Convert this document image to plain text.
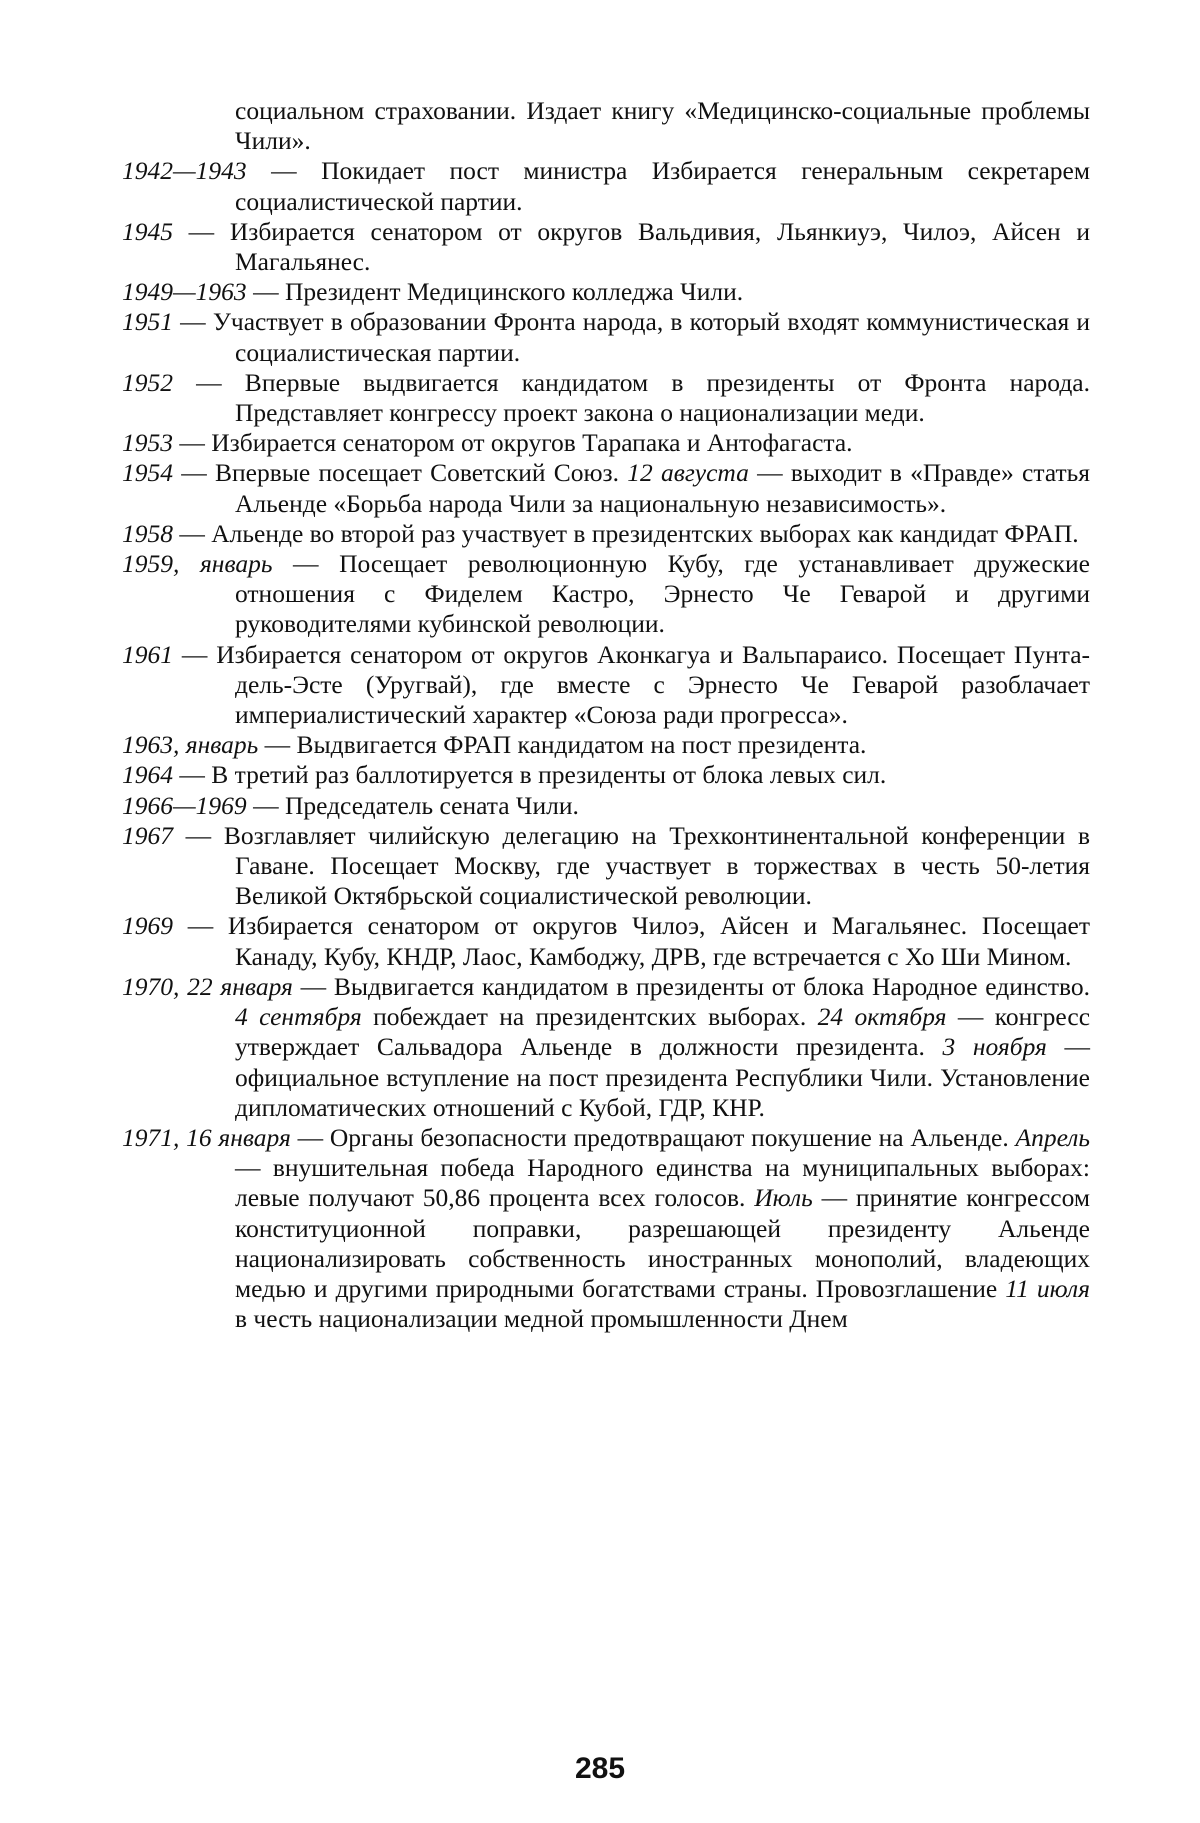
социальном страховании. Издает книгу «Медицинско-социальные проблемы Чили».

1942—1943 — Покидает пост министра Избирается генеральным секретарем социалистической партии.

1945 — Избирается сенатором от округов Вальдивия, Льянкиуэ, Чилоэ, Айсен и Магальянес.

1949—1963 — Президент Медицинского колледжа Чили.

1951 — Участвует в образовании Фронта народа, в который входят коммунистическая и социалистическая партии.

1952 — Впервые выдвигается кандидатом в президенты от Фронта народа. Представляет конгрессу проект закона о национализации меди.

1953 — Избирается сенатором от округов Тарапака и Антофагаста.

1954 — Впервые посещает Советский Союз. 12 августа — выходит в «Правде» статья Альенде «Борьба народа Чили за национальную независимость».

1958 — Альенде во второй раз участвует в президентских выборах как кандидат ФРАП.

1959, январь — Посещает революционную Кубу, где устанавливает дружеские отношения с Фиделем Кастро, Эрнесто Че Геварой и другими руководителями кубинской революции.

1961 — Избирается сенатором от округов Аконкагуа и Вальпараисо. Посещает Пунта-дель-Эсте (Уругвай), где вместе с Эрнесто Че Геварой разоблачает империалистический характер «Союза ради прогресса».

1963, январь — Выдвигается ФРАП кандидатом на пост президента.

1964 — В третий раз баллотируется в президенты от блока левых сил.

1966—1969 — Председатель сената Чили.

1967 — Возглавляет чилийскую делегацию на Трехконтинентальной конференции в Гаване. Посещает Москву, где участвует в торжествах в честь 50-летия Великой Октябрьской социалистической революции.

1969 — Избирается сенатором от округов Чилоэ, Айсен и Магальянес. Посещает Канаду, Кубу, КНДР, Лаос, Камбоджу, ДРВ, где встречается с Хо Ши Мином.

1970, 22 января — Выдвигается кандидатом в президенты от блока Народное единство. 4 сентября побеждает на президентских выборах. 24 октября — конгресс утверждает Сальвадора Альенде в должности президента. 3 ноября — официальное вступление на пост президента Республики Чили. Установление дипломатических отношений с Кубой, ГДР, КНР.

1971, 16 января — Органы безопасности предотвращают покушение на Альенде. Апрель — внушительная победа Народного единства на муниципальных выборах: левые получают 50,86 процента всех голосов. Июль — принятие конгрессом конституционной поправки, разрешающей президенту Альенде национализировать собственность иностранных монополий, владеющих медью и другими природными богатствами страны. Провозглашение 11 июля в честь национализации медной промышленности Днем

285
